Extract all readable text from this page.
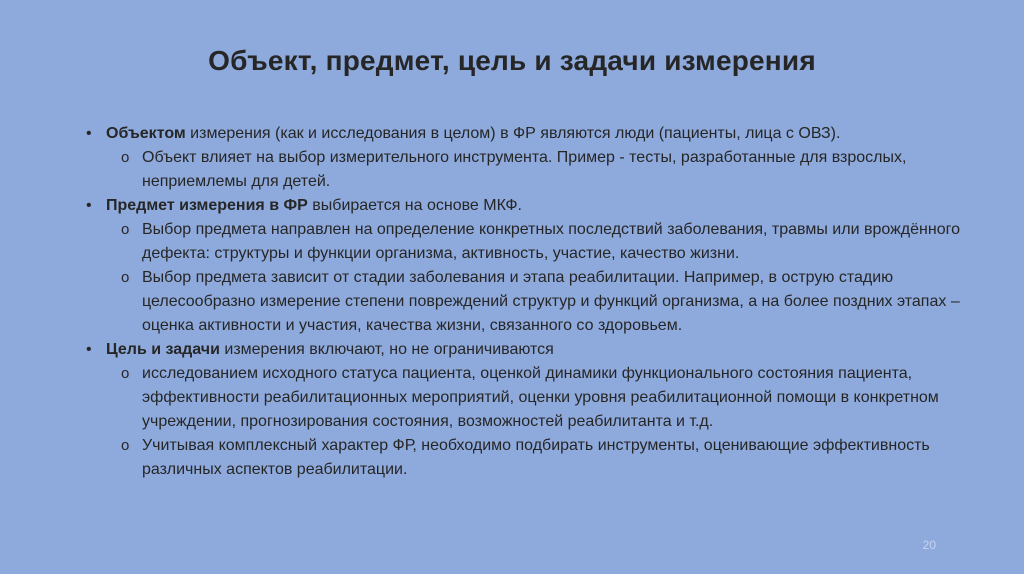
Объект, предмет, цель и задачи измерения
• Объектом измерения (как и исследования в целом) в ФР являются люди (пациенты, лица с ОВЗ).
o Объект влияет на выбор измерительного инструмента. Пример - тесты, разработанные для взрослых, неприемлемы для детей.
• Предмет измерения в ФР выбирается на основе МКФ.
o Выбор предмета направлен на определение конкретных последствий заболевания, травмы или врождённого дефекта: структуры и функции организма, активность, участие, качество жизни.
o Выбор предмета зависит от стадии заболевания и этапа реабилитации. Например, в острую стадию целесообразно измерение степени повреждений структур и функций организма, а на более поздних этапах – оценка активности и участия, качества жизни, связанного со здоровьем.
• Цель и задачи измерения включают, но не ограничиваются
o исследованием исходного статуса пациента, оценкой динамики функционального состояния пациента, эффективности реабилитационных мероприятий, оценки уровня реабилитационной помощи в конкретном учреждении, прогнозирования состояния, возможностей реабилитанта и т.д.
o Учитывая комплексный характер ФР, необходимо подбирать инструменты, оценивающие эффективность различных аспектов реабилитации.
20
